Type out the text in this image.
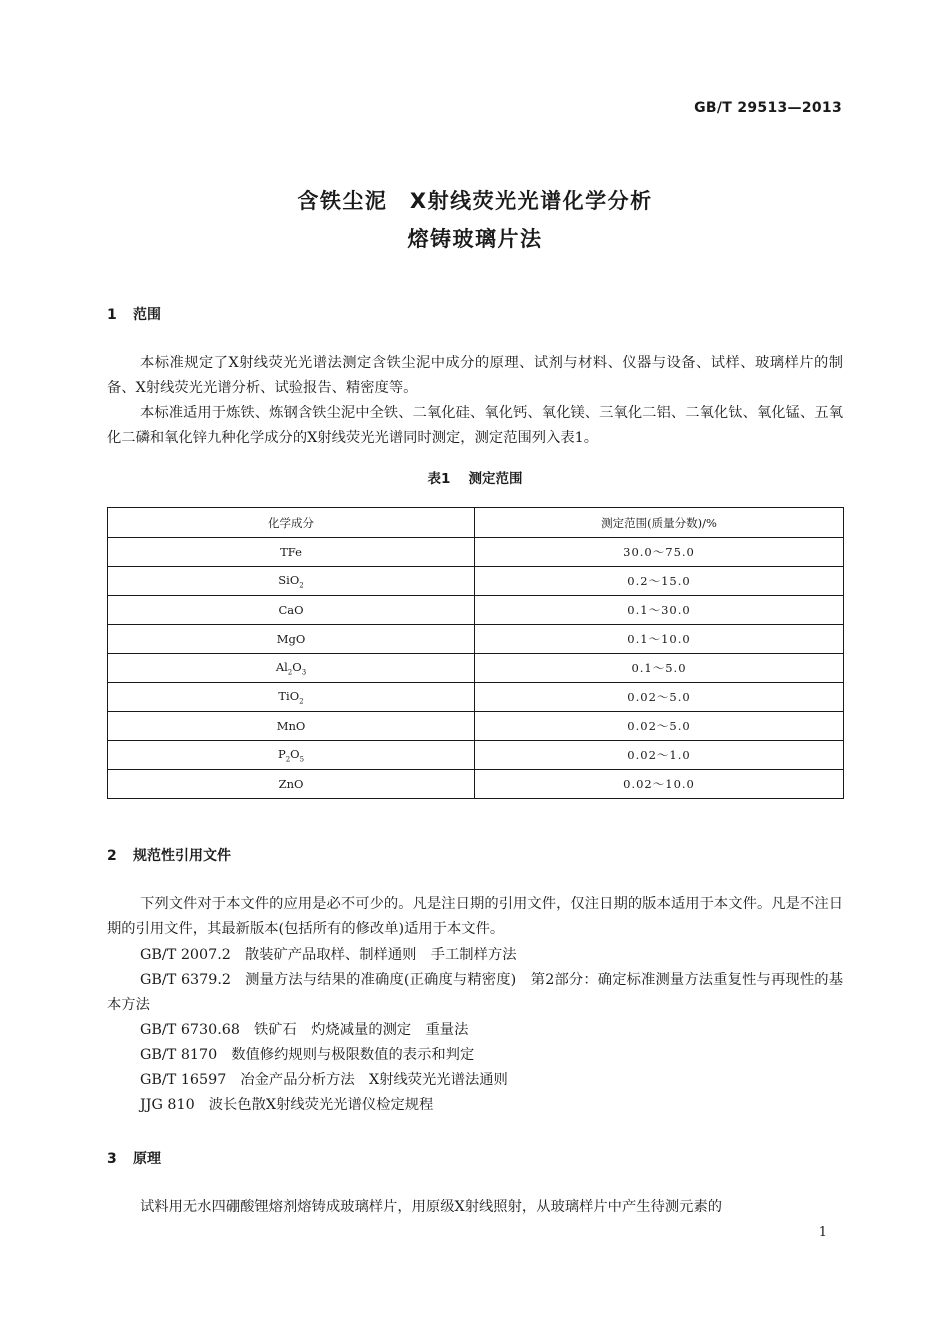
GB/T 29513—2013
含铁尘泥　X射线荧光光谱化学分析
熔铸玻璃片法
1 范围

本标准规定了X射线荧光光谱法测定含铁尘泥中成分的原理、试剂与材料、仪器与设备、试样、玻璃样片的制备、X射线荧光光谱分析、试验报告、精密度等。

本标准适用于炼铁、炼钢含铁尘泥中全铁、二氧化硅、氧化钙、氧化镁、三氧化二铝、二氧化钛、氧化锰、五氧化二磷和氧化锌九种化学成分的X射线荧光光谱同时测定，测定范围列入表1。

表1 测定范围
化学成分	测定范围(质量分数)/%
TFe	30.0～75.0
SiO$_2$	0.2～15.0
CaO	0.1～30.0
MgO	0.1～10.0
$Al_2O_3$	0.1～5.0
TiO$_2$	0.02～5.0
MnO	0.02～5.0
$P_2O_5$	0.02～1.0
ZnO	0.02～10.0
2 规范性引用文件

下列文件对于本文件的应用是必不可少的。凡是注日期的引用文件，仅注日期的版本适用于本文件。凡是不注日期的引用文件，其最新版本(包括所有的修改单)适用于本文件。

GB/T 2007.2 散装矿产品取样、制样通则　手工制样方法

GB/T 6379.2 测量方法与结果的准确度(正确度与精密度)　第2部分：确定标准测量方法重复性与再现性的基本方法

GB/T 6730.68 铁矿石　灼烧减量的测定　重量法

GB/T 8170 数值修约规则与极限数值的表示和判定

GB/T 16597 冶金产品分析方法　X射线荧光光谱法通则

JJG 810 波长色散X射线荧光光谱仪检定规程

3 原理

试料用无水四硼酸锂熔剂熔铸成玻璃样片，用原级X射线照射，从玻璃样片中产生待测元素的

1
